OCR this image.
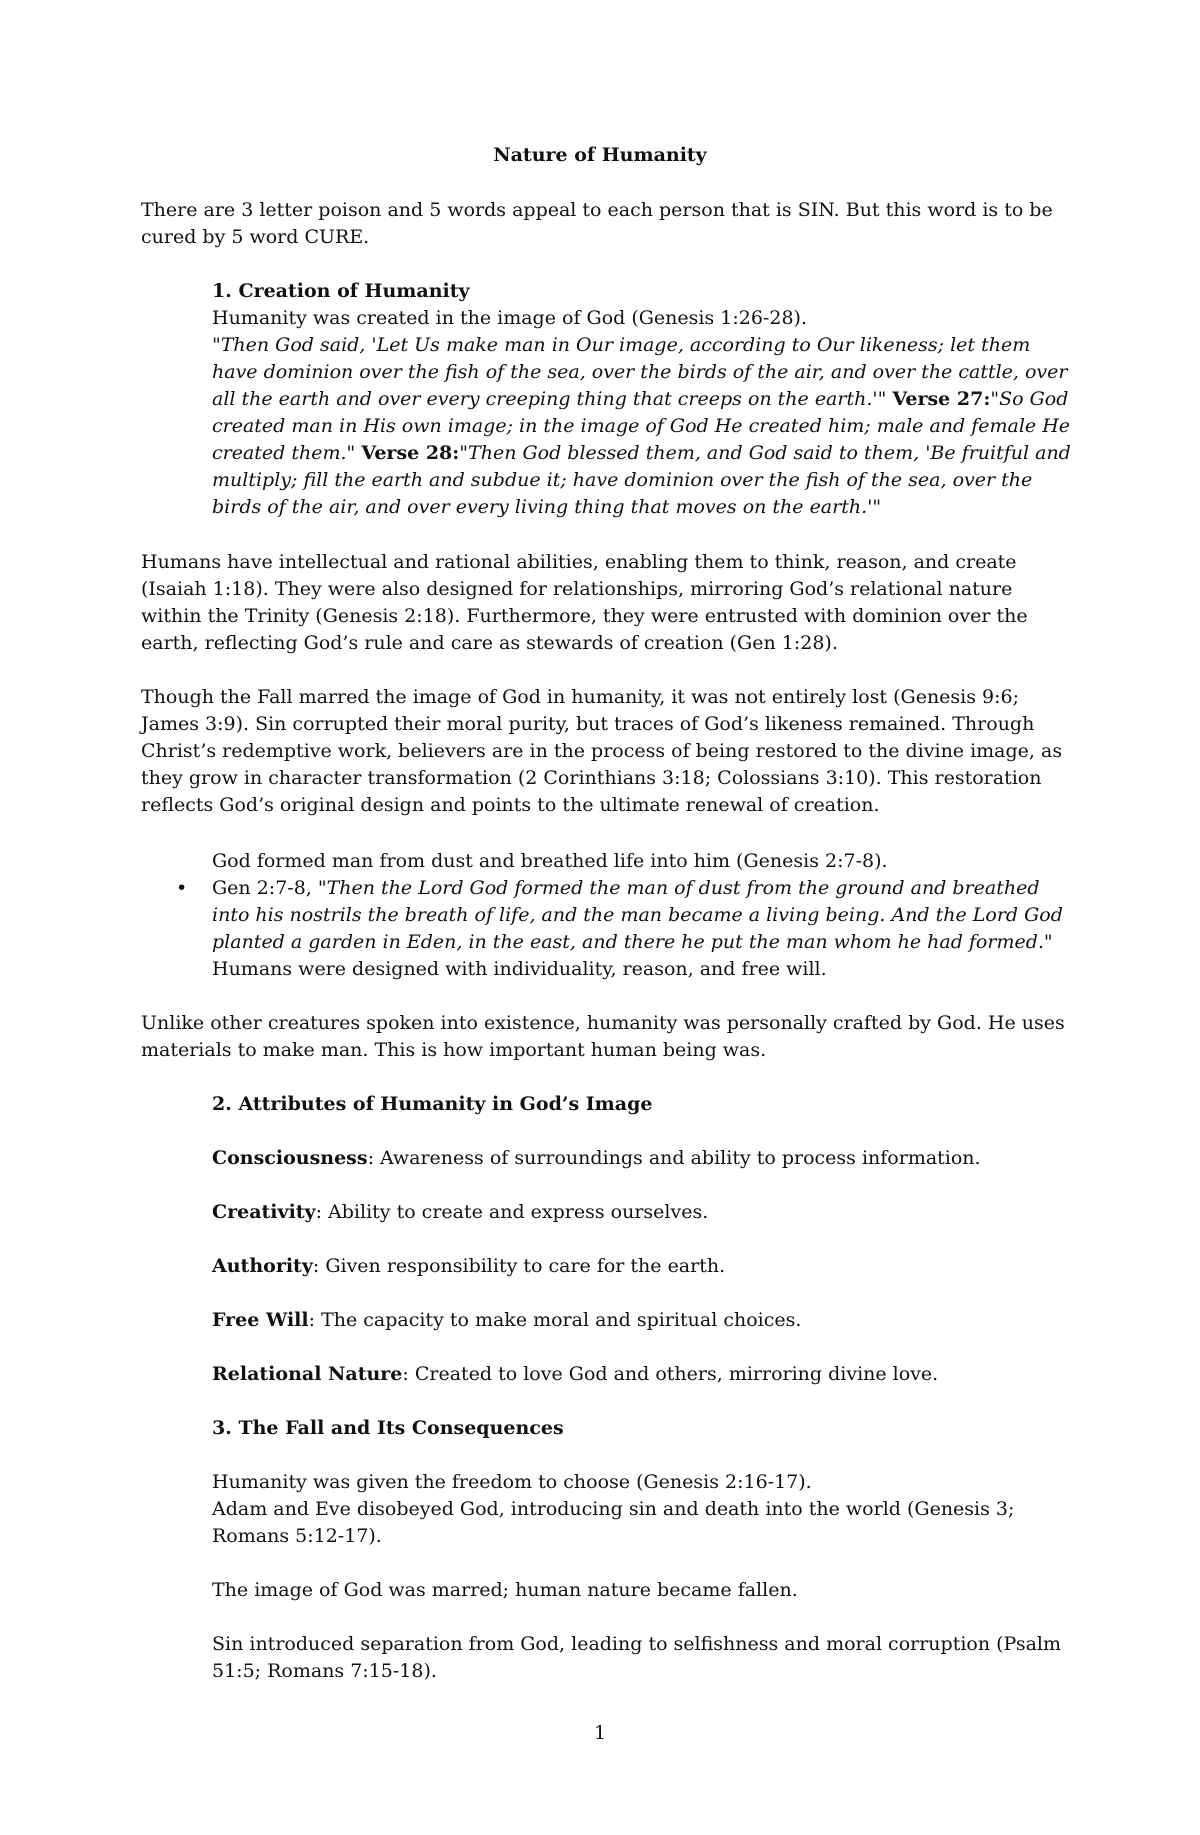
Nature of Humanity

There are 3 letter poison and 5 words appeal to each person that is SIN. But this word is to be cured by 5 word CURE.

1. Creation of Humanity

Humanity was created in the image of God (Genesis 1:26-28).

"Then God said, 'Let Us make man in Our image, according to Our likeness; let them have dominion over the fish of the sea, over the birds of the air, and over the cattle, over all the earth and over every creeping thing that creeps on the earth.'" Verse 27:"So God created man in His own image; in the image of God He created him; male and female He created them." Verse 28:"Then God blessed them, and God said to them, 'Be fruitful and multiply; fill the earth and subdue it; have dominion over the fish of the sea, over the birds of the air, and over every living thing that moves on the earth.'"

Humans have intellectual and rational abilities, enabling them to think, reason, and create (Isaiah 1:18). They were also designed for relationships, mirroring God’s relational nature within the Trinity (Genesis 2:18). Furthermore, they were entrusted with dominion over the earth, reflecting God’s rule and care as stewards of creation (Gen 1:28).

Though the Fall marred the image of God in humanity, it was not entirely lost (Genesis 9:6; James 3:9). Sin corrupted their moral purity, but traces of God’s likeness remained. Through Christ’s redemptive work, believers are in the process of being restored to the divine image, as they grow in character transformation (2 Corinthians 3:18; Colossians 3:10). This restoration reflects God’s original design and points to the ultimate renewal of creation.

•

God formed man from dust and breathed life into him (Genesis 2:7-8).

Gen 2:7-8, "Then the Lord God formed the man of dust from the ground and breathed into his nostrils the breath of life, and the man became a living being. And the Lord God planted a garden in Eden, in the east, and there he put the man whom he had formed."

Humans were designed with individuality, reason, and free will.

Unlike other creatures spoken into existence, humanity was personally crafted by God. He uses materials to make man. This is how important human being was.

2. Attributes of Humanity in God’s Image

Consciousness: Awareness of surroundings and ability to process information.

Creativity: Ability to create and express ourselves.

Authority: Given responsibility to care for the earth.

Free Will: The capacity to make moral and spiritual choices.

Relational Nature: Created to love God and others, mirroring divine love.

3. The Fall and Its Consequences

Humanity was given the freedom to choose (Genesis 2:16-17).

Adam and Eve disobeyed God, introducing sin and death into the world (Genesis 3; Romans 5:12-17).

The image of God was marred; human nature became fallen.

Sin introduced separation from God, leading to selfishness and moral corruption (Psalm 51:5; Romans 7:15-18).

1
